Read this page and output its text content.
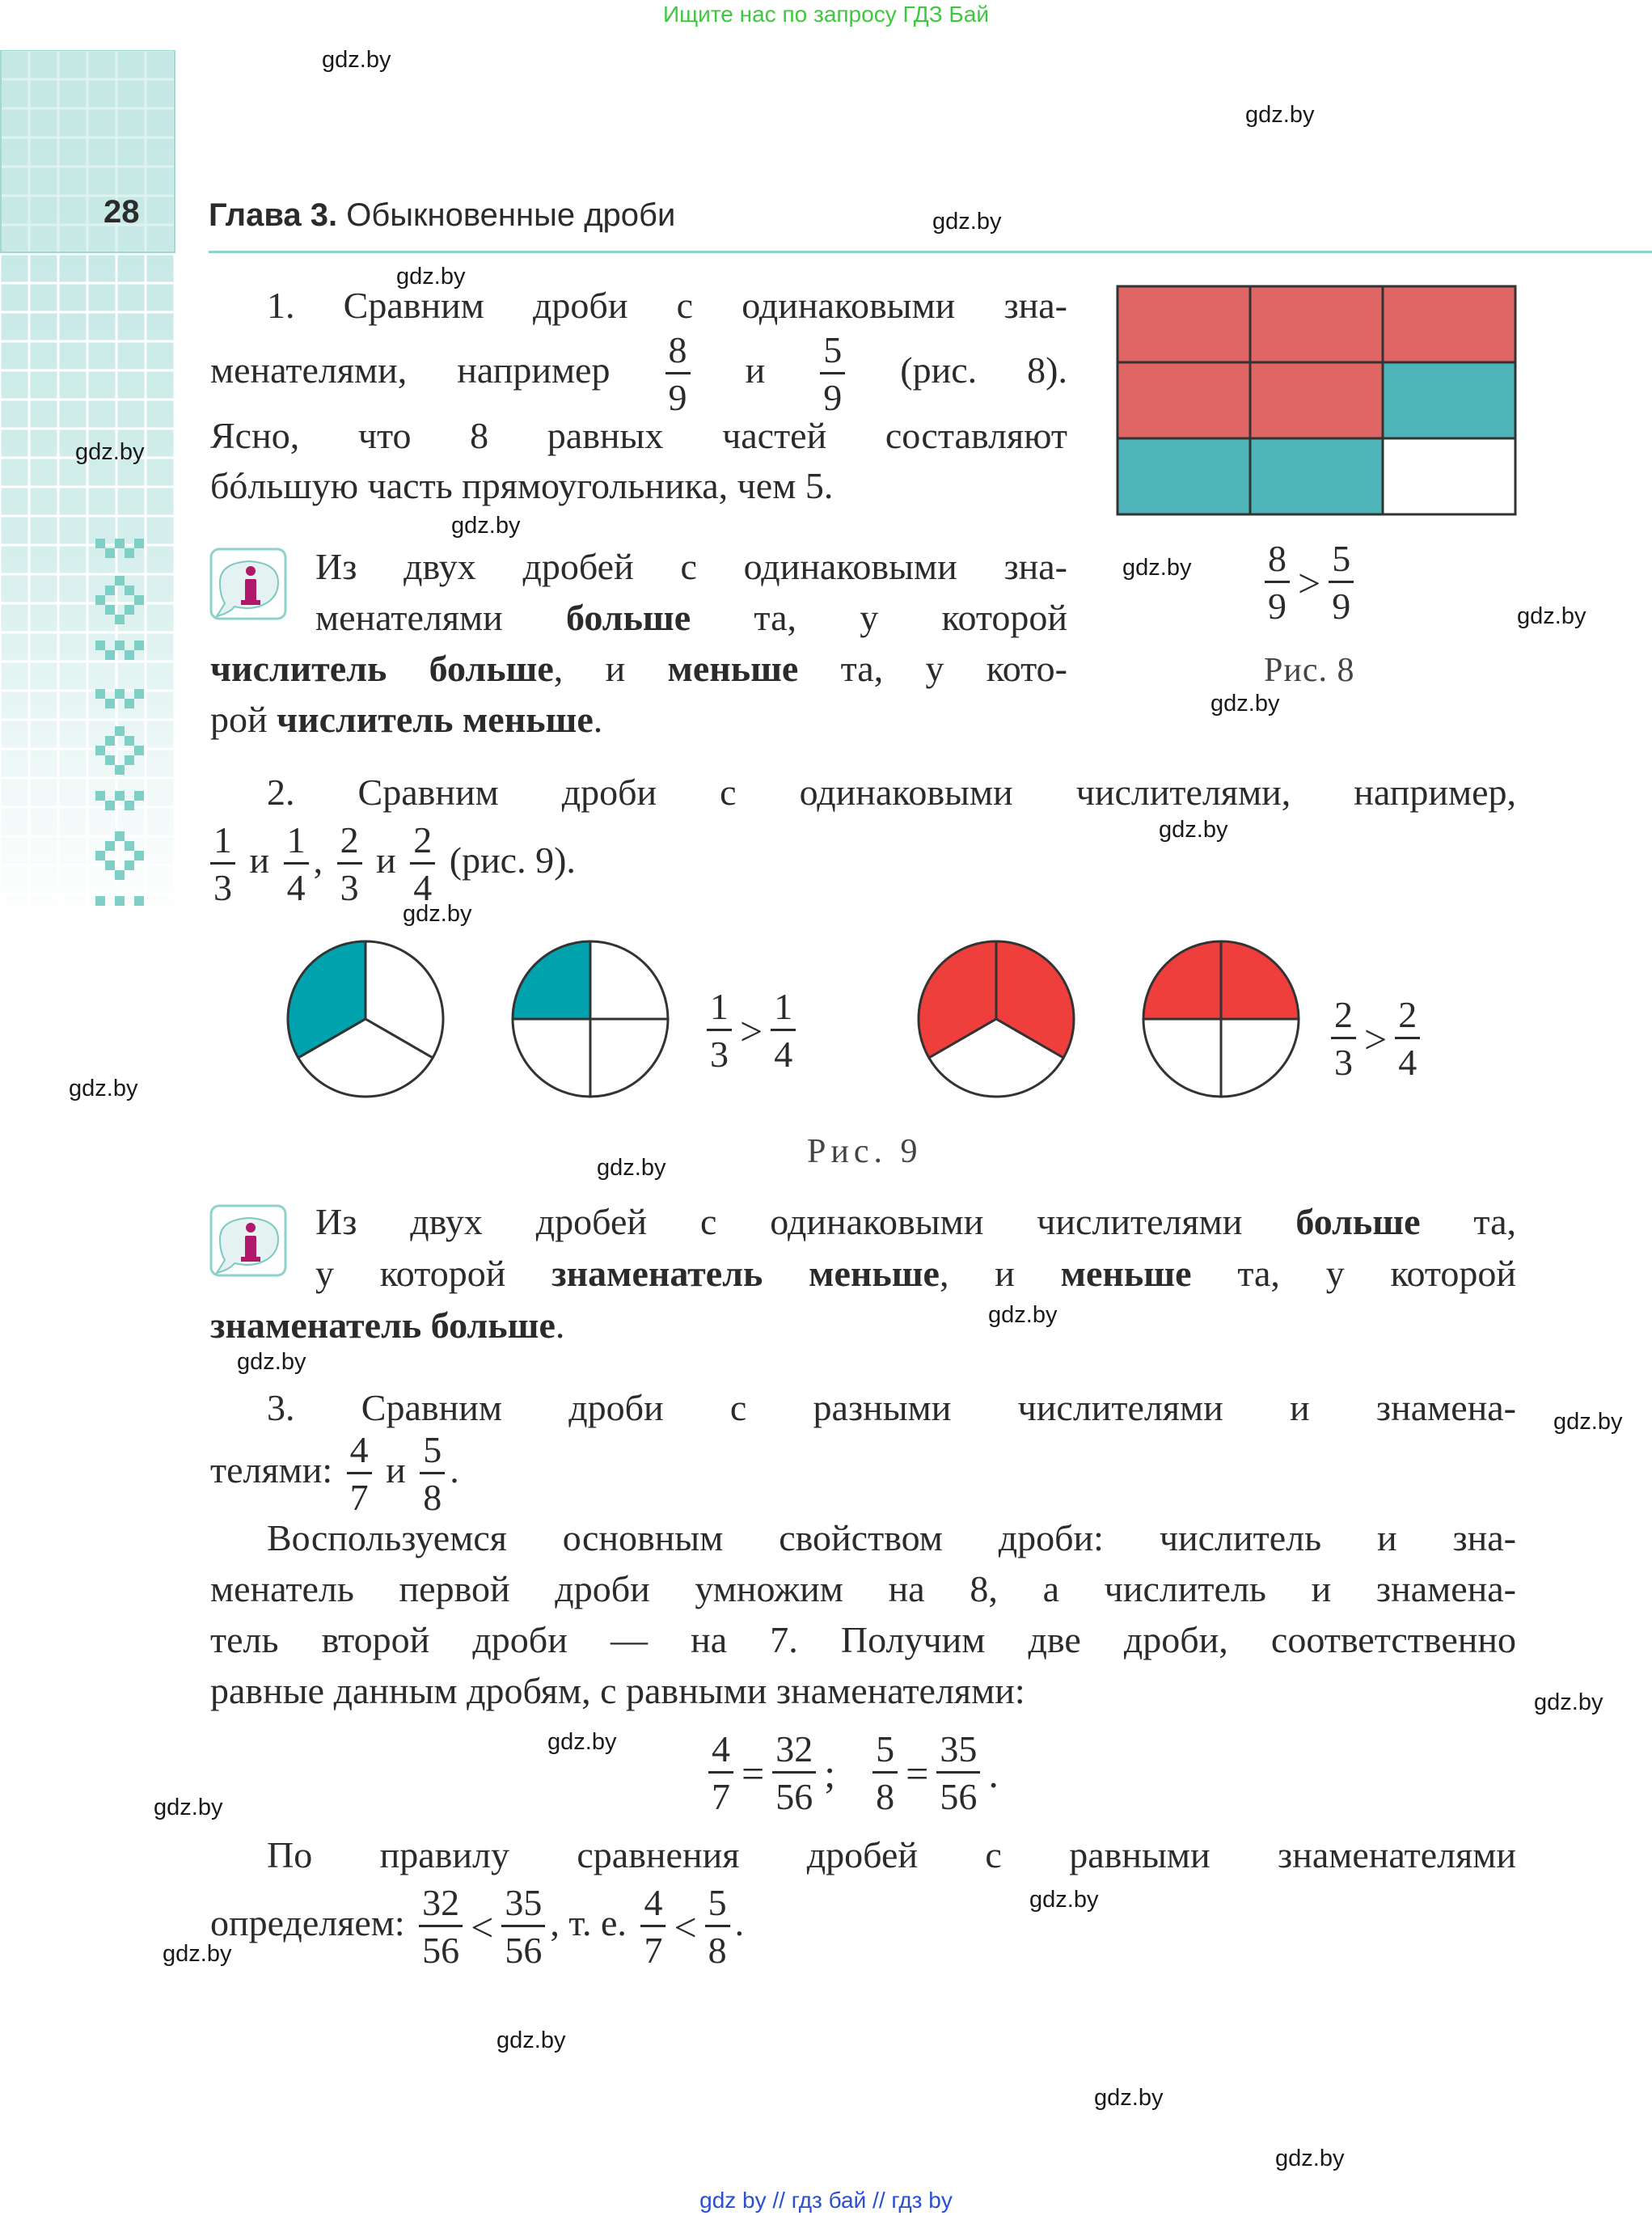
Ищите нас по запросу ГДЗ Бай
gdz by // гдз бай // гдз by
28 Глава 3. Обыкновенные дроби
1. Сравним дроби с одинаковыми зна-
менателями, например $\frac{8}{9}$ и $\frac{5}{9} (рис$. 8).
Ясно, что 8 равных частей составляют
бóльшую часть прямоугольника, чем 5.
Из двух дробей с одинаковыми зна-
менателями больше та, у которой
числитель больше, и меньше та, у кото-
рой числитель меньше.
$\frac{8}{9} > \frac{5}{9}$
Рис. 8
2. Сравним дроби с одинаковыми числителями, например,
$\frac{1}{3}$ и $\frac{1}{4}$ , $\frac{2}{3}$ и $\frac{2}{4} (рис$. 9).
$\frac{1}{3} > \frac{1}{4}$	$\frac{2}{3} > \frac{2}{4}$
Рис. 9
Из двух дробей с одинаковыми числителями больше та,
у которой знаменатель меньше, и меньше та, у которой
знаменатель больше.
3. Сравним дроби с разными числителями и знамена-
телями: $\frac{4}{7}$ и $\frac{5}{8}$ .
Воспользуемся основным свойством дроби: числитель и зна-
менатель первой дроби умножим на 8, а числитель и знамена-
тель второй дроби — на 7. Получим две дроби, соответственно
равные данным дробям, с равными знаменателями:
$\frac{4}{7} = \frac{32}{56}$ ; $\frac{5}{8} = \frac{35}{56}$ .
По правилу сравнения дробей с равными знаменателями
определяем: $\frac{32}{56} < \frac{35}{56}$ , т. е. $\frac{4}{7} < \frac{5}{8}$ .
gdz.by
gdz.by
gdz.by
gdz.by
gdz.by
gdz.by
gdz.by
gdz.by
gdz.by
gdz.by
gdz.by
gdz.by
gdz.by
gdz.by
gdz.by
gdz.by
gdz.by
gdz.by
gdz.by
gdz.by
gdz.by
gdz.by
gdz.by
gdz.by
